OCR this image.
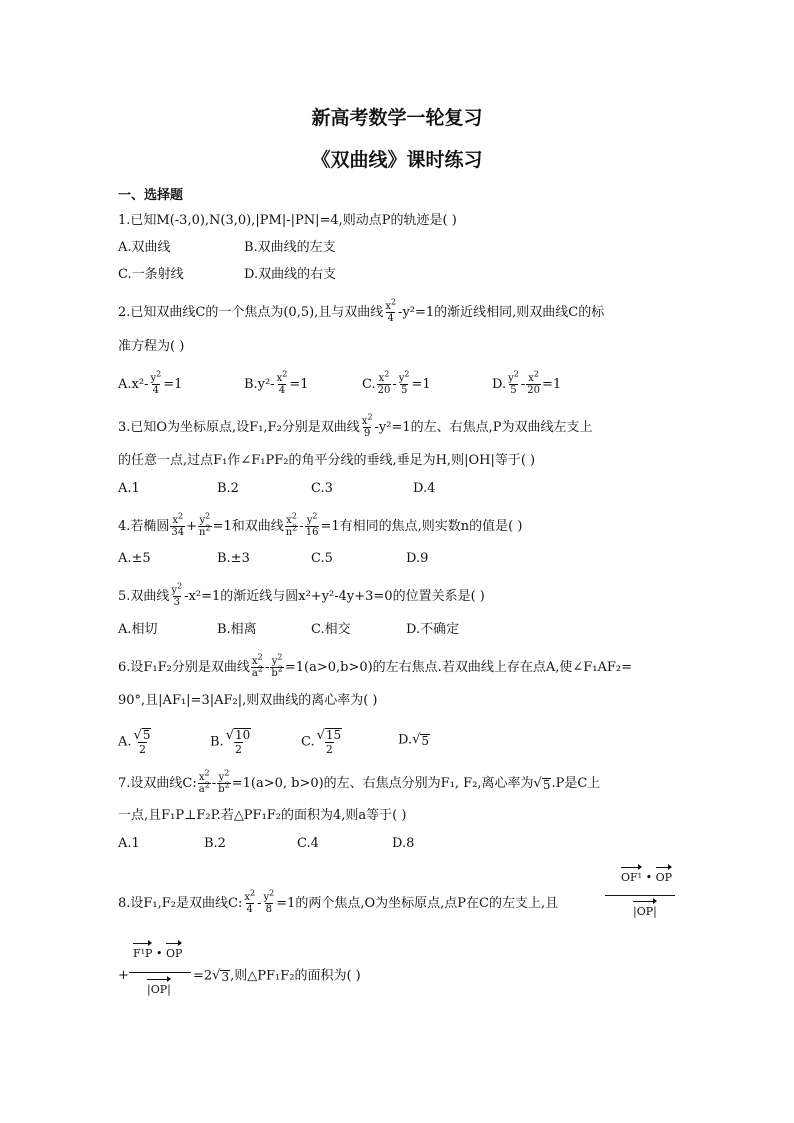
新高考数学一轮复习
《双曲线》课时练习
一、选择题
1.已知M(-3,0),N(3,0),|PM|-|PN|=4,则动点P的轨迹是( )
A.双曲线	B.双曲线的左支
C.一条射线	D.双曲线的右支
2.已知双曲线C的一个焦点为(0,5),且与双曲线 $\frac{x^2}{4} -y^2=1$的渐近线相同,则双曲线C的标
准方程为( )
$A.x^2- \frac{y^2}{4} =1$	$B.y^2- \frac{x^2}{4} =1$	C. $\frac{x^2}{20} - \frac{y^2}{5} =1$	D. $\frac{y^2}{5} - \frac{x^2}{20} =1$
3.已知O为坐标原点,设F₁,F₂分别是双曲线 $\frac{x^2}{9} -y^2=1$的左、右焦点,P为双曲线左支上
的任意一点,过点F₁作∠F₁PF₂的角平分线的垂线,垂足为H,则|OH|等于( )
A.1	B.2	C.3	D.4
4.若椭圆 $\frac{x^2}{34} + \frac{y^2}{n^2} =1$和双曲线 $\frac{x^2}{n^2} - \frac{y^2}{16} =1$有相同的焦点,则实数n的值是( )
A.±5	B.±3	C.5	D.9
5.双曲线 $\frac{y^2}{3} -x^2=1$的渐近线与圆x²+y²-4y+3=0的位置关系是( )
A.相切	B.相离	C.相交	D.不确定
6.设F₁F₂分别是双曲线 $\frac{x^2}{a^2} - \frac{y^2}{b^2} =1(a>0,b>0)$的左右焦点.若双曲线上存在点A,使∠F₁AF₂=
90°,且|AF₁|=3|AF₂|,则双曲线的离心率为( )
A. $\frac{√ 5}{2}$	B. $\frac{√ 10}{2}$	C. $\frac{√ 15}{2}$	D. √ 5
7.设双曲线C: $\frac{x^2}{a^2} - \frac{y^2}{b^2} =1(a>0$, b>0)的左、右焦点分别为F₁, F₂,离心率为 √ 5 .P是C上
一点,且F₁P⊥F₂P.若△PF₁F₂的面积为4,则a等于( )
A.1	B.2	C.4	D.8
8.设F₁,F₂是双曲线C: $\frac{x^2}{4} - \frac{y^2}{8} =1$的两个焦点,O为坐标原点,点P在C的左支上,且
OF¹ • OP
|OP|
+
F¹P • OP
|OP|
=2 √ 3 ,则△PF₁F₂的面积为( )
